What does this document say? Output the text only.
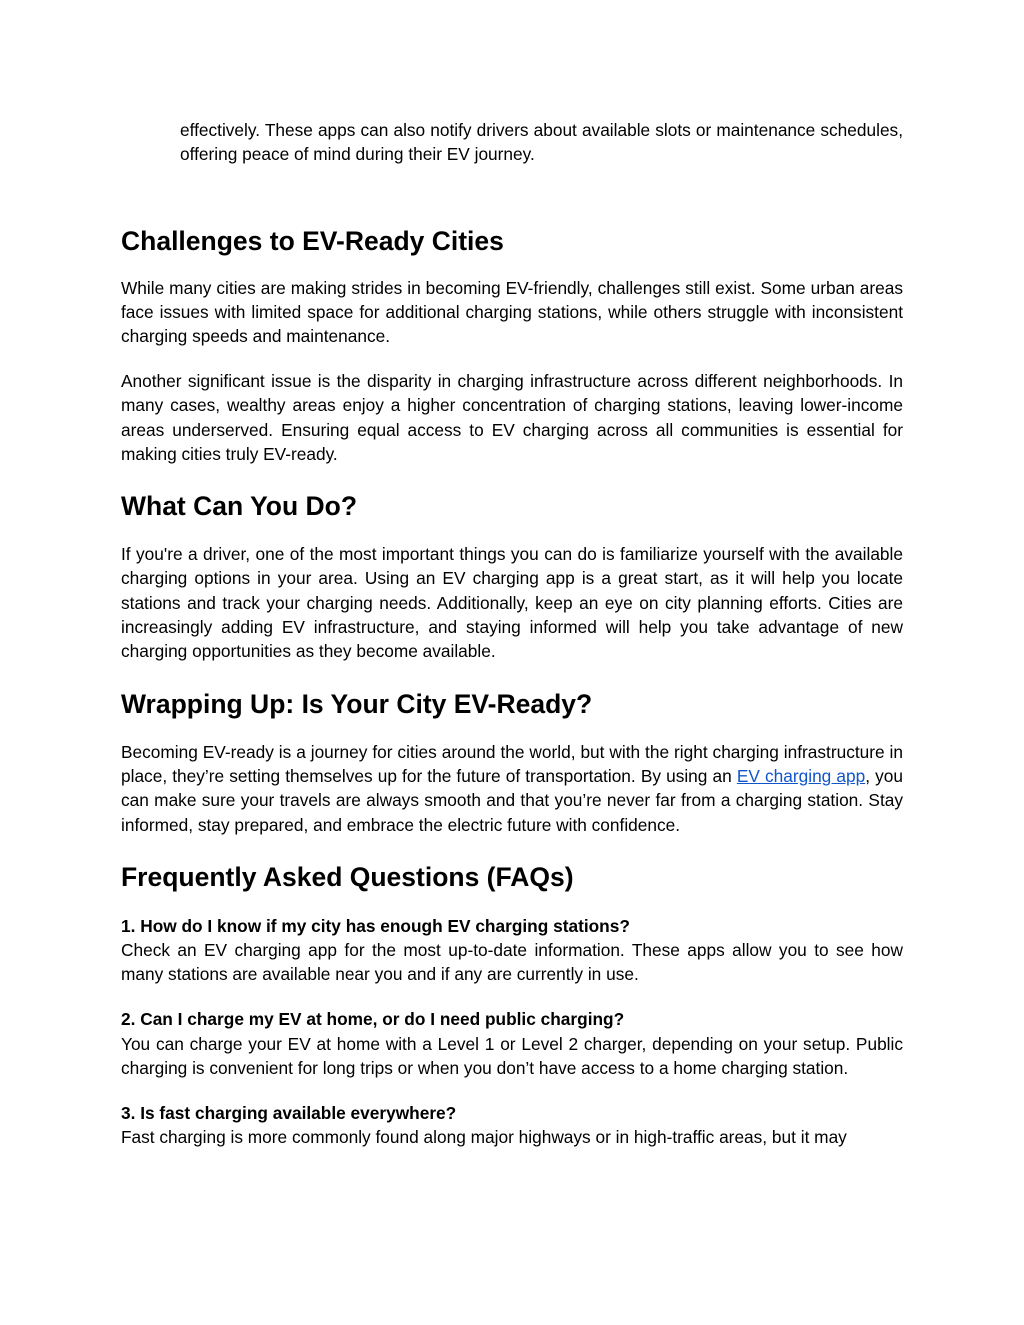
effectively. These apps can also notify drivers about available slots or maintenance schedules, offering peace of mind during their EV journey.

Challenges to EV-Ready Cities

While many cities are making strides in becoming EV-friendly, challenges still exist. Some urban areas face issues with limited space for additional charging stations, while others struggle with inconsistent charging speeds and maintenance.

Another significant issue is the disparity in charging infrastructure across different neighborhoods. In many cases, wealthy areas enjoy a higher concentration of charging stations, leaving lower-income areas underserved. Ensuring equal access to EV charging across all communities is essential for making cities truly EV-ready.

What Can You Do?

If you're a driver, one of the most important things you can do is familiarize yourself with the available charging options in your area. Using an EV charging app is a great start, as it will help you locate stations and track your charging needs. Additionally, keep an eye on city planning efforts. Cities are increasingly adding EV infrastructure, and staying informed will help you take advantage of new charging opportunities as they become available.

Wrapping Up: Is Your City EV-Ready?

Becoming EV-ready is a journey for cities around the world, but with the right charging infrastructure in place, they’re setting themselves up for the future of transportation. By using an EV charging app, you can make sure your travels are always smooth and that you’re never far from a charging station. Stay informed, stay prepared, and embrace the electric future with confidence.

Frequently Asked Questions (FAQs)

1. How do I know if my city has enough EV charging stations?

Check an EV charging app for the most up-to-date information. These apps allow you to see how many stations are available near you and if any are currently in use.

2. Can I charge my EV at home, or do I need public charging?

You can charge your EV at home with a Level 1 or Level 2 charger, depending on your setup. Public charging is convenient for long trips or when you don’t have access to a home charging station.

3. Is fast charging available everywhere?

Fast charging is more commonly found along major highways or in high-traffic areas, but it may
